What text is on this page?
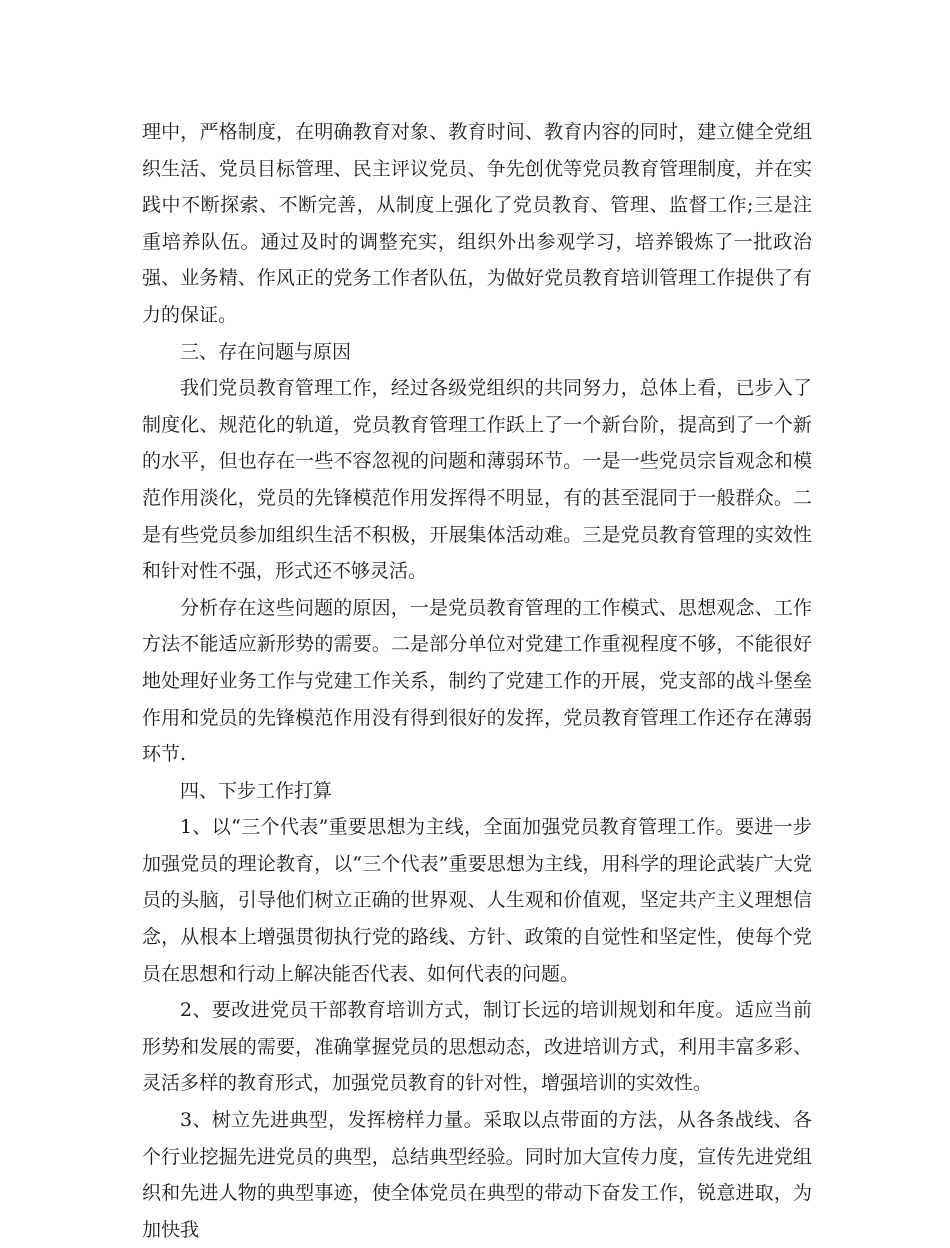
理中，严格制度，在明确教育对象、教育时间、教育内容的同时，建立健全党组织生活、党员目标管理、民主评议党员、争先创优等党员教育管理制度，并在实践中不断探索、不断完善，从制度上强化了党员教育、管理、监督工作;三是注重培养队伍。通过及时的调整充实，组织外出参观学习，培养锻炼了一批政治强、业务精、作风正的党务工作者队伍，为做好党员教育培训管理工作提供了有力的保证。

三、存在问题与原因

我们党员教育管理工作，经过各级党组织的共同努力，总体上看，已步入了制度化、规范化的轨道，党员教育管理工作跃上了一个新台阶，提高到了一个新的水平，但也存在一些不容忽视的问题和薄弱环节。一是一些党员宗旨观念和模范作用淡化，党员的先锋模范作用发挥得不明显，有的甚至混同于一般群众。二是有些党员参加组织生活不积极，开展集体活动难。三是党员教育管理的实效性和针对性不强，形式还不够灵活。

分析存在这些问题的原因，一是党员教育管理的工作模式、思想观念、工作方法不能适应新形势的需要。二是部分单位对党建工作重视程度不够，不能很好地处理好业务工作与党建工作关系，制约了党建工作的开展，党支部的战斗堡垒作用和党员的先锋模范作用没有得到很好的发挥，党员教育管理工作还存在薄弱环节.

四、下步工作打算

1、以“三个代表”重要思想为主线，全面加强党员教育管理工作。要进一步加强党员的理论教育，以“三个代表”重要思想为主线，用科学的理论武装广大党员的头脑，引导他们树立正确的世界观、人生观和价值观，坚定共产主义理想信念，从根本上增强贯彻执行党的路线、方针、政策的自觉性和坚定性，使每个党员在思想和行动上解决能否代表、如何代表的问题。

2、要改进党员干部教育培训方式，制订长远的培训规划和年度。适应当前形势和发展的需要，准确掌握党员的思想动态，改进培训方式，利用丰富多彩、灵活多样的教育形式，加强党员教育的针对性，增强培训的实效性。

3、树立先进典型，发挥榜样力量。采取以点带面的方法，从各条战线、各个行业挖掘先进党员的典型，总结典型经验。同时加大宣传力度，宣传先进党组织和先进人物的典型事迹，使全体党员在典型的带动下奋发工作，锐意进取，为加快我
